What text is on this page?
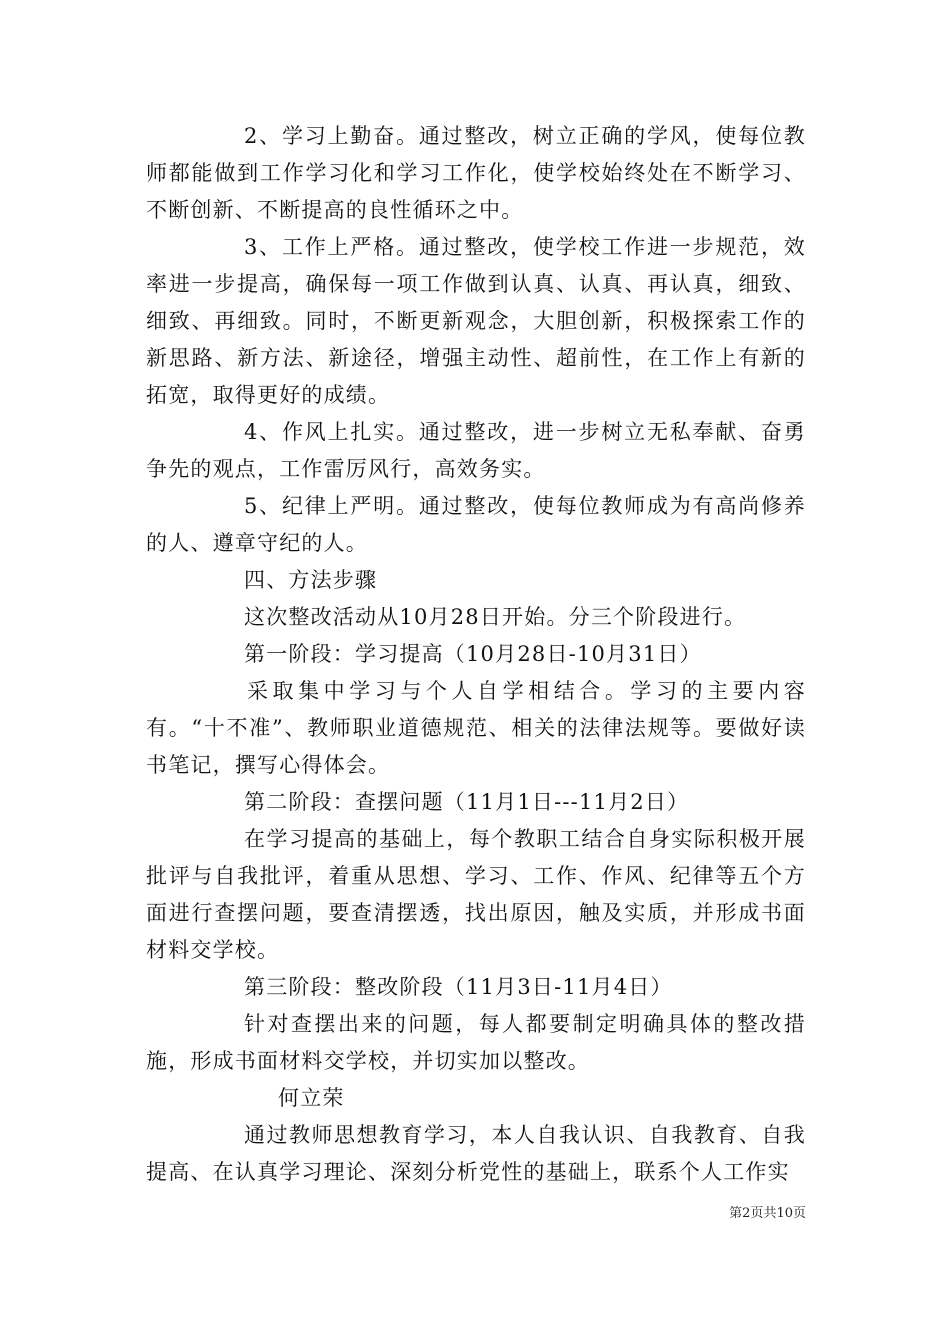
2、学习上勤奋。通过整改，树立正确的学风，使每位教师都能做到工作学习化和学习工作化，使学校始终处在不断学习、不断创新、不断提高的良性循环之中。

3、工作上严格。通过整改，使学校工作进一步规范，效率进一步提高，确保每一项工作做到认真、认真、再认真，细致、细致、再细致。同时，不断更新观念，大胆创新，积极探索工作的新思路、新方法、新途径，增强主动性、超前性，在工作上有新的拓宽，取得更好的成绩。

4、作风上扎实。通过整改，进一步树立无私奉献、奋勇争先的观点，工作雷厉风行，高效务实。

5、纪律上严明。通过整改，使每位教师成为有高尚修养的人、遵章守纪的人。

四、方法步骤

这次整改活动从10月28日开始。分三个阶段进行。

第一阶段：学习提高（10月28日-10月31日）

采取集中学习与个人自学相结合。学习的主要内容有。“十不准”、教师职业道德规范、相关的法律法规等。要做好读书笔记，撰写心得体会。

第二阶段：查摆问题（11月1日---11月2日）

在学习提高的基础上，每个教职工结合自身实际积极开展批评与自我批评，着重从思想、学习、工作、作风、纪律等五个方面进行查摆问题，要查清摆透，找出原因，触及实质，并形成书面材料交学校。

第三阶段：整改阶段（11月3日-11月4日）

针对查摆出来的问题，每人都要制定明确具体的整改措施，形成书面材料交学校，并切实加以整改。

何立荣

通过教师思想教育学习，本人自我认识、自我教育、自我提高、在认真学习理论、深刻分析党性的基础上，联系个人工作实

第2页共10页
